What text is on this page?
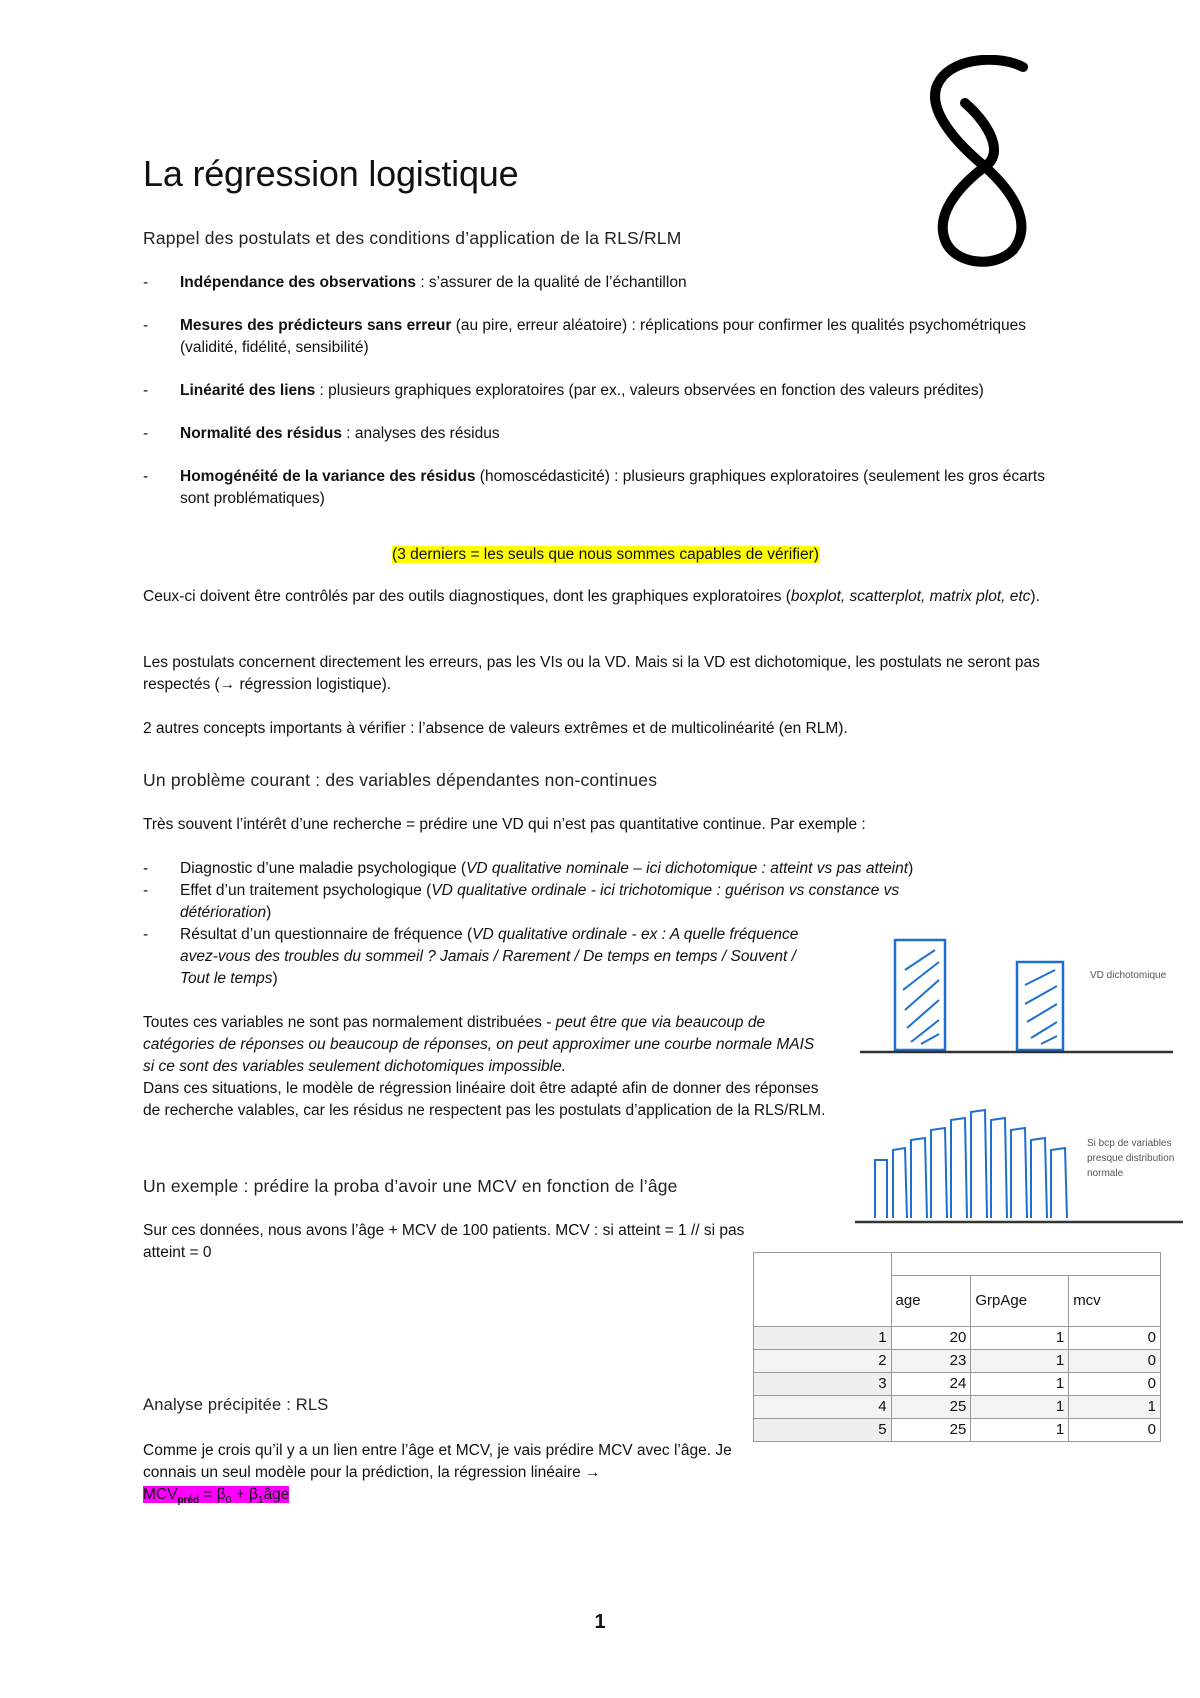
La régression logistique
Rappel des postulats et des conditions d’application de la RLS/RLM
- Indépendance des observations : s’assurer de la qualité de l’échantillon
- Mesures des prédicteurs sans erreur (au pire, erreur aléatoire) : réplications pour confirmer les qualités psychométriques (validité, fidélité, sensibilité)
- Linéarité des liens : plusieurs graphiques exploratoires (par ex., valeurs observées en fonction des valeurs prédites)
- Normalité des résidus : analyses des résidus
- Homogénéité de la variance des résidus (homoscédasticité) : plusieurs graphiques exploratoires (seulement les gros écarts sont problématiques)
(3 derniers = les seuls que nous sommes capables de vérifier)

Ceux-ci doivent être contrôlés par des outils diagnostiques, dont les graphiques exploratoires (boxplot, scatterplot, matrix plot, etc).

Les postulats concernent directement les erreurs, pas les VIs ou la VD. Mais si la VD est dichotomique, les postulats ne seront pas respectés (→ régression logistique).

2 autres concepts importants à vérifier : l’absence de valeurs extrêmes et de multicolinéarité (en RLM).

Un problème courant : des variables dépendantes non-continues

Très souvent l’intérêt d’une recherche = prédire une VD qui n’est pas quantitative continue. Par exemple :

- Diagnostic d’une maladie psychologique (VD qualitative nominale – ici dichotomique : atteint vs pas atteint)
- Effet d’un traitement psychologique (VD qualitative ordinale - ici trichotomique : guérison vs constance vs détérioration)
- Résultat d’un questionnaire de fréquence (VD qualitative ordinale - ex : A quelle fréquence avez-vous des troubles du sommeil ? Jamais / Rarement / De temps en temps / Souvent / Tout le temps)

Toutes ces variables ne sont pas normalement distribuées - peut être que via beaucoup de catégories de réponses ou beaucoup de réponses, on peut approximer une courbe normale MAIS si ce sont des variables seulement dichotomiques impossible.

Dans ces situations, le modèle de régression linéaire doit être adapté afin de donner des réponses de recherche valables, car les résidus ne respectent pas les postulats d’application de la RLS/RLM.

VD dichotomique
Si bcp de variables presque distribution normale
Un exemple : prédire la proba d’avoir une MCV en fonction de l’âge

Sur ces données, nous avons l’âge + MCV de 100 patients. MCV : si atteint = 1 // si pas atteint = 0

	age	GrpAge	mcv
1	20	1	0
2	23	1	0
3	24	1	0
4	25	1	1
5	25	1	0
Analyse précipitée : RLS

Comme je crois qu’il y a un lien entre l’âge et MCV, je vais prédire MCV avec l’âge. Je connais un seul modèle pour la prédiction, la régression linéaire →
$MCV_{préd} = \beta_0$ + $\beta_1âge$

1
